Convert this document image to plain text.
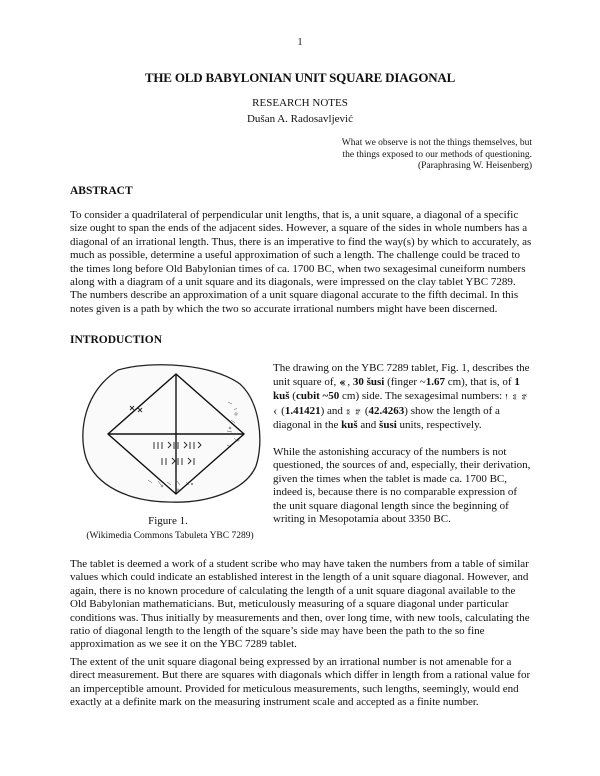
1
THE OLD BABYLONIAN UNIT SQUARE DIAGONAL
RESEARCH NOTES
Dušan A. Radosavljević
What we observe is not the things themselves, but
the things exposed to our methods of questioning.
(Paraphrasing W. Heisenberg)
ABSTRACT

To consider a quadrilateral of perpendicular unit lengths, that is, a unit square, a diagonal of a specific size ought to span the ends of the adjacent sides. However, a square of the sides in whole numbers has a diagonal of an irrational length. Thus, there is an imperative to find the way(s) by which to accurately, as much as possible, determine a useful approximation of such a length. The challenge could be traced to the times long before Old Babylonian times of ca. 1700 BC, when two sexagesimal cuneiform numbers along with a diagram of a unit square and its diagonals, were impressed on the clay tablet YBC 7289. The numbers describe an approximation of a unit square diagonal accurate to the fifth decimal. In this notes given is a path by which the two so accurate irrational numbers might have been discerned.

INTRODUCTION
Figure 1.
(Wikimedia Commons Tabuleta YBC 7289)

The drawing on the YBC 7289 tablet, Fig. 1, describes the unit square of, 𒌍, 30 šusi (finger ~1.67 cm), that is, of 1 kuš (cubit ~50 cm) side. The sexagesimal numbers: 𒁹 𒐏 𒐐 𒌋 (1.41421) and 𒐏 𒐐 (42.4263) show the length of a diagonal in the kuš and šusi units, respectively.

While the astonishing accuracy of the numbers is not questioned, the sources of and, especially, their derivation, given the times when the tablet is made ca. 1700 BC, indeed is, because there is no comparable expression of the unit square diagonal length since the beginning of writing in Mesopotamia about 3350 BC.

The tablet is deemed a work of a student scribe who may have taken the numbers from a table of similar values which could indicate an established interest in the length of a unit square diagonal. However, and again, there is no known procedure of calculating the length of a unit square diagonal available to the Old Babylonian mathematicians. But, meticulously measuring of a square diagonal under particular conditions was. Thus initially by measurements and then, over long time, with new tools, calculating the ratio of diagonal length to the length of the square’s side may have been the path to the so fine approximation as we see it on the YBC 7289 tablet.

The extent of the unit square diagonal being expressed by an irrational number is not amenable for a direct measurement. But there are squares with diagonals which differ in length from a rational value for an imperceptible amount. Provided for meticulous measurements, such lengths, seemingly, would end exactly at a definite mark on the measuring instrument scale and accepted as a finite number.
